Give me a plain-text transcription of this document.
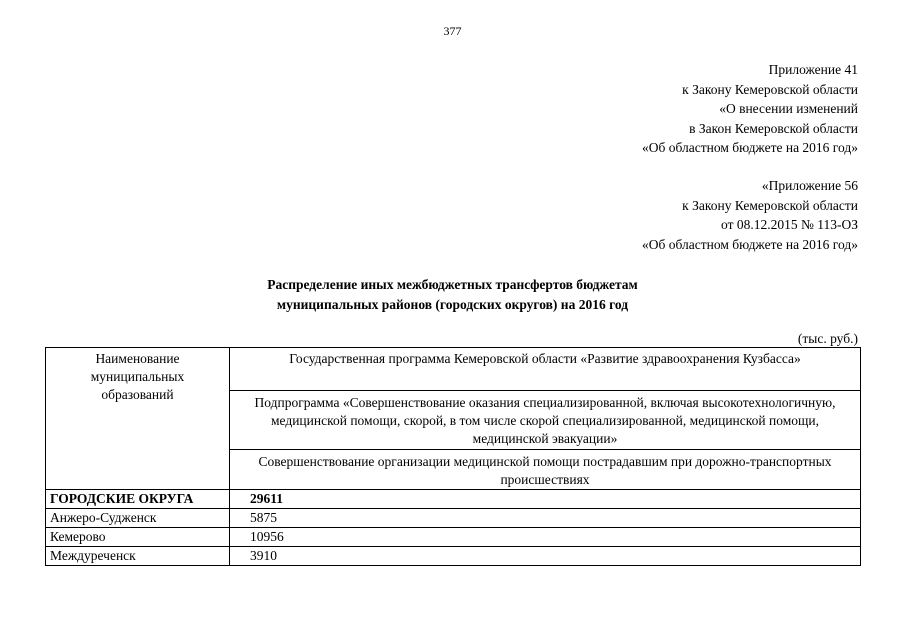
377
Приложение 41
к Закону Кемеровской области
«О внесении изменений
в Закон Кемеровской области
«Об областном бюджете на 2016 год»
«Приложение 56
к Закону Кемеровской области
от 08.12.2015 № 113-ОЗ
«Об областном бюджете на 2016 год»
Распределение иных межбюджетных трансфертов бюджетам
муниципальных районов (городских округов) на 2016 год
(тыс. руб.)
Наименование
муниципальных
образований	Государственная программа Кемеровской области «Развитие здравоохранения Кузбасса»
	Подпрограмма «Совершенствование оказания специализированной, включая высокотехнологичную, медицинской помощи, скорой, в том числе скорой специализированной, медицинской помощи, медицинской эвакуации»
	Совершенствование организации медицинской помощи пострадавшим при дорожно-транспортных происшествиях
ГОРОДСКИЕ ОКРУГА	29611
Анжеро-Судженск	5875
Кемерово	10956
Междуреченск	3910
